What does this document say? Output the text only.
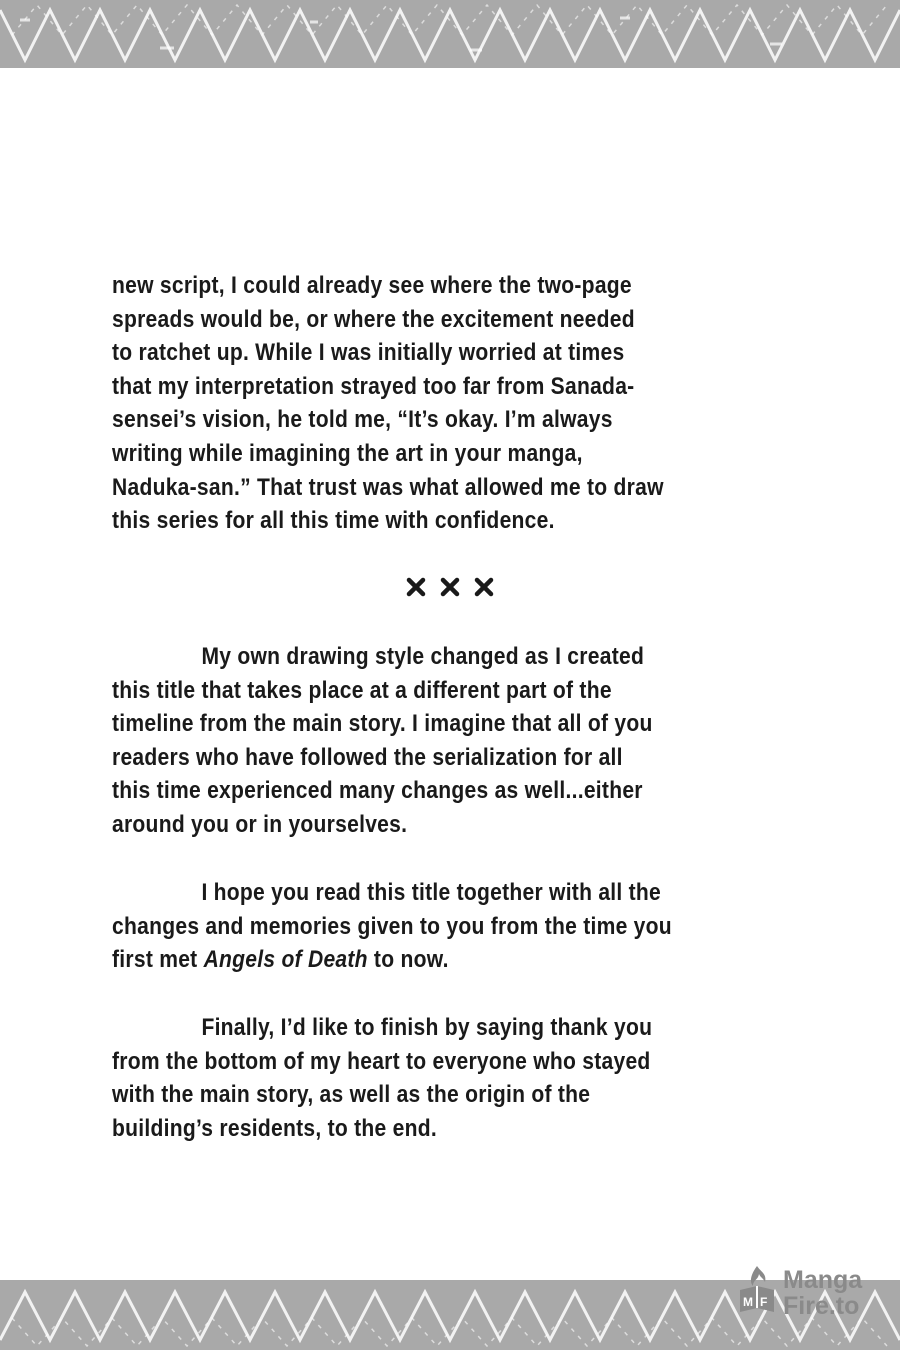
new script, I could already see where the two-page
spreads would be, or where the excitement needed
to ratchet up. While I was initially worried at times
that my interpretation strayed too far from Sanada-
sensei’s vision, he told me, “It’s okay. I’m always
writing while imagining the art in your manga,
Naduka-san.” That trust was what allowed me to draw
this series for all this time with confidence.
My own drawing style changed as I created
this title that takes place at a different part of the
timeline from the main story. I imagine that all of you
readers who have followed the serialization for all
this time experienced many changes as well...either
around you or in yourselves.
I hope you read this title together with all the
changes and memories given to you from the time you
first met Angels of Death to now.
Finally, I’d like to finish by saying thank you
from the bottom of my heart to everyone who stayed
with the main story, as well as the origin of the
building’s residents, to the end.
M F
Manga
Fire.to
